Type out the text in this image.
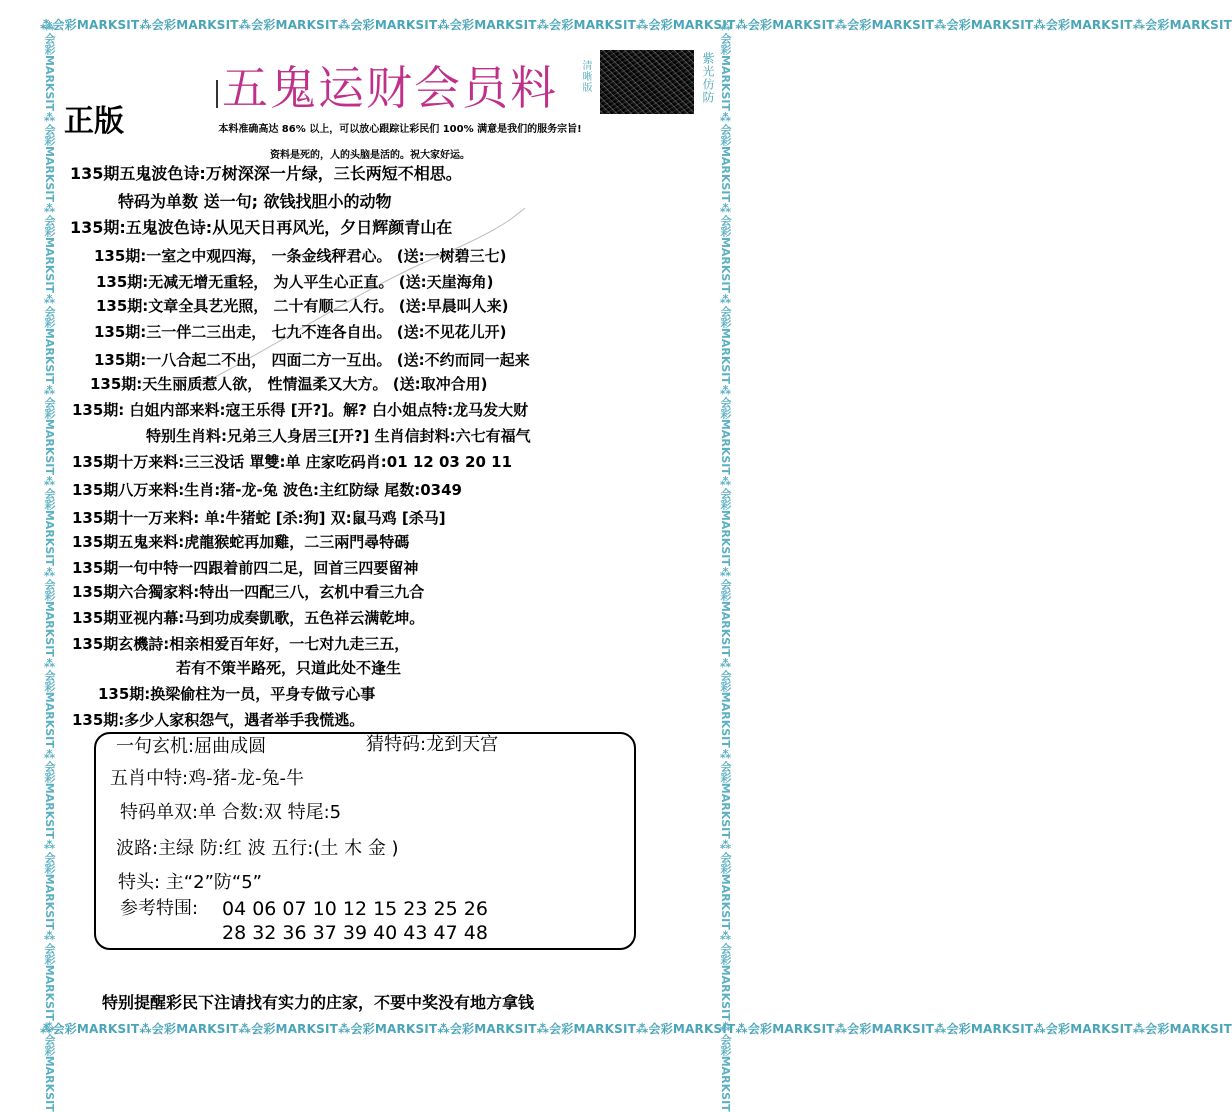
⁂会彩MARKSIT⁂会彩MARKSIT⁂会彩MARKSIT⁂会彩MARKSIT⁂会彩MARKSIT⁂会彩MARKSIT⁂会彩MARKSIT⁂会彩MARKSIT⁂会彩MARKSIT⁂会彩MARKSIT⁂会彩MARKSIT⁂会彩MARKSIT
⁂会彩MARKSIT⁂会彩MARKSIT⁂会彩MARKSIT⁂会彩MARKSIT⁂会彩MARKSIT⁂会彩MARKSIT⁂会彩MARKSIT⁂会彩MARKSIT⁂会彩MARKSIT⁂会彩MARKSIT⁂会彩MARKSIT⁂会彩MARKSIT
⁂会彩MARKSIT⁂会彩MARKSIT⁂会彩MARKSIT⁂会彩MARKSIT⁂会彩MARKSIT⁂会彩MARKSIT⁂会彩MARKSIT⁂会彩MARKSIT⁂会彩MARKSIT⁂会彩MARKSIT⁂会彩MARKSIT⁂会彩MARKSIT	⁂会彩MARKSIT⁂会彩MARKSIT⁂会彩MARKSIT⁂会彩MARKSIT⁂会彩MARKSIT⁂会彩MARKSIT⁂会彩MARKSIT⁂会彩MARKSIT⁂会彩MARKSIT⁂会彩MARKSIT⁂会彩MARKSIT⁂会彩MARKSIT
五鬼运财会员料
正版
清晰版	紫光仿防
本料准确高达 86% 以上，可以放心跟踪让彩民们 100% 满意是我们的服务宗旨!
资料是死的，人的头脑是活的。祝大家好运。
135期五鬼波色诗:万树深深一片绿，三长两短不相思。
特码为单数 送一句; 欲钱找胆小的动物
135期:五鬼波色诗:从见天日再风光，夕日辉颜青山在
135期:一室之中观四海， 一条金线秤君心。 (送:一树碧三七)
135期:无减无增无重轻， 为人平生心正直。 (送:天崖海角)
135期:文章全具艺光照， 二十有顺二人行。 (送:早晨叫人来)
135期:三一伴二三出走， 七九不连各自出。 (送:不见花儿开)
135期:一八合起二不出， 四面二方一互出。 (送:不约而同一起来
135期:天生丽质惹人欲， 性情温柔又大方。 (送:取冲合用)
135期: 白姐内部来料:寇王乐得 [开?]。解? 白小姐点特:龙马发大财
特别生肖料:兄弟三人身居三[开?] 生肖信封料:六七有福气
135期十万来料:三三没话 單雙:单 庄家吃码肖:01 12 03 20 11
135期八万来料:生肖:猪-龙-兔 波色:主红防绿 尾数:0349
135期十一万来料: 单:牛猪蛇 [杀:狗] 双:鼠马鸡 [杀马]
135期五鬼来料:虎龍猴蛇再加雞，二三兩門尋特碼
135期一句中特一四跟着前四二足，回首三四要留神
135期六合獨家料:特出一四配三八，玄机中看三九合
135期亚视内幕:马到功成奏凱歌，五色祥云满乾坤。
135期玄機詩:相亲相爱百年好，一七对九走三五，
若有不策半路死，只道此处不逢生
135期:换梁偷柱为一员，平身专做亏心事
135期:多少人家积怨气，遇者举手我慌逃。
一句玄机:屈曲成圆	猜特码:龙到天宫
五肖中特:鸡-猪-龙-兔-牛
特码单双:单 合数:双 特尾:5
波路:主绿 防:红 波 五行:(土 木 金 )
特头: 主“2”防“5”
参考特围: 04 06 07 10 12 15 23 25 26
28 32 36 37 39 40 43 47 48
特别提醒彩民下注请找有实力的庄家，不要中奖没有地方拿钱
